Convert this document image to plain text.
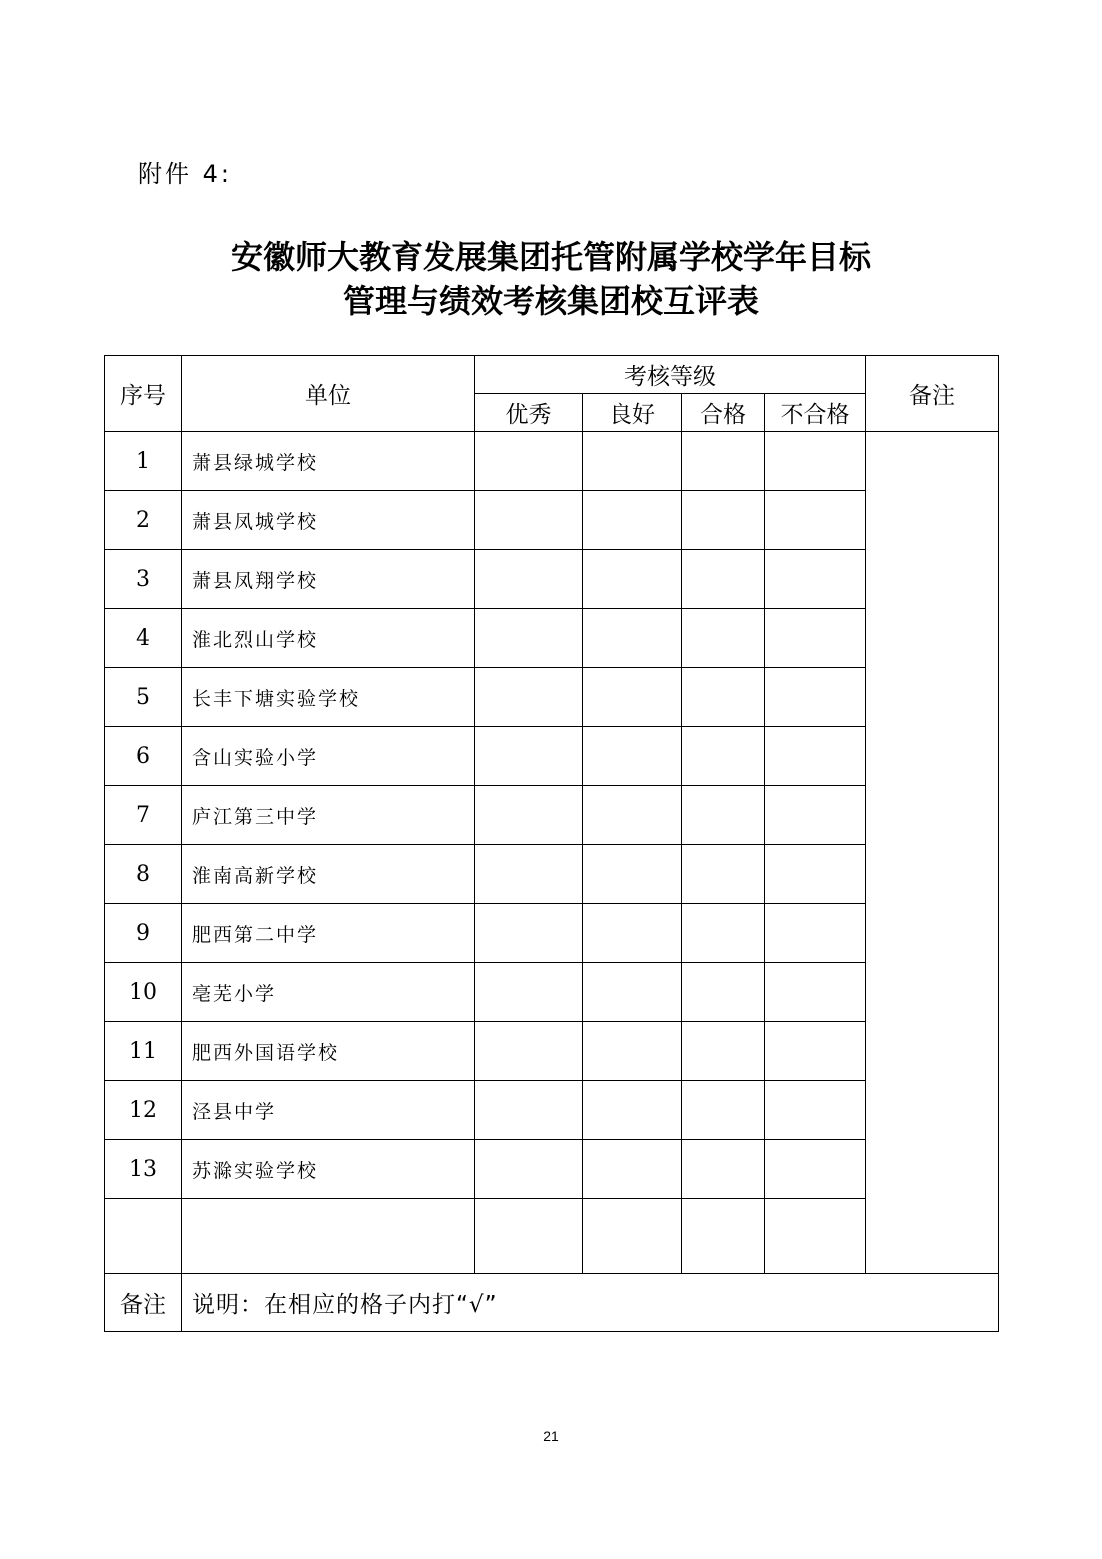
附件 4:
安徽师大教育发展集团托管附属学校学年目标
管理与绩效考核集团校互评表
序号	单位	考核等级				备注
		优秀	良好	合格	不合格	
1	萧县绿城学校					
2	萧县凤城学校					
3	萧县凤翔学校					
4	淮北烈山学校					
5	长丰下塘实验学校					
6	含山实验小学					
7	庐江第三中学					
8	淮南高新学校					
9	肥西第二中学					
10	亳芜小学					
11	肥西外国语学校					
12	泾县中学					
13	苏滁实验学校					

备注	说明：在相应的格子内打“√”					
21
